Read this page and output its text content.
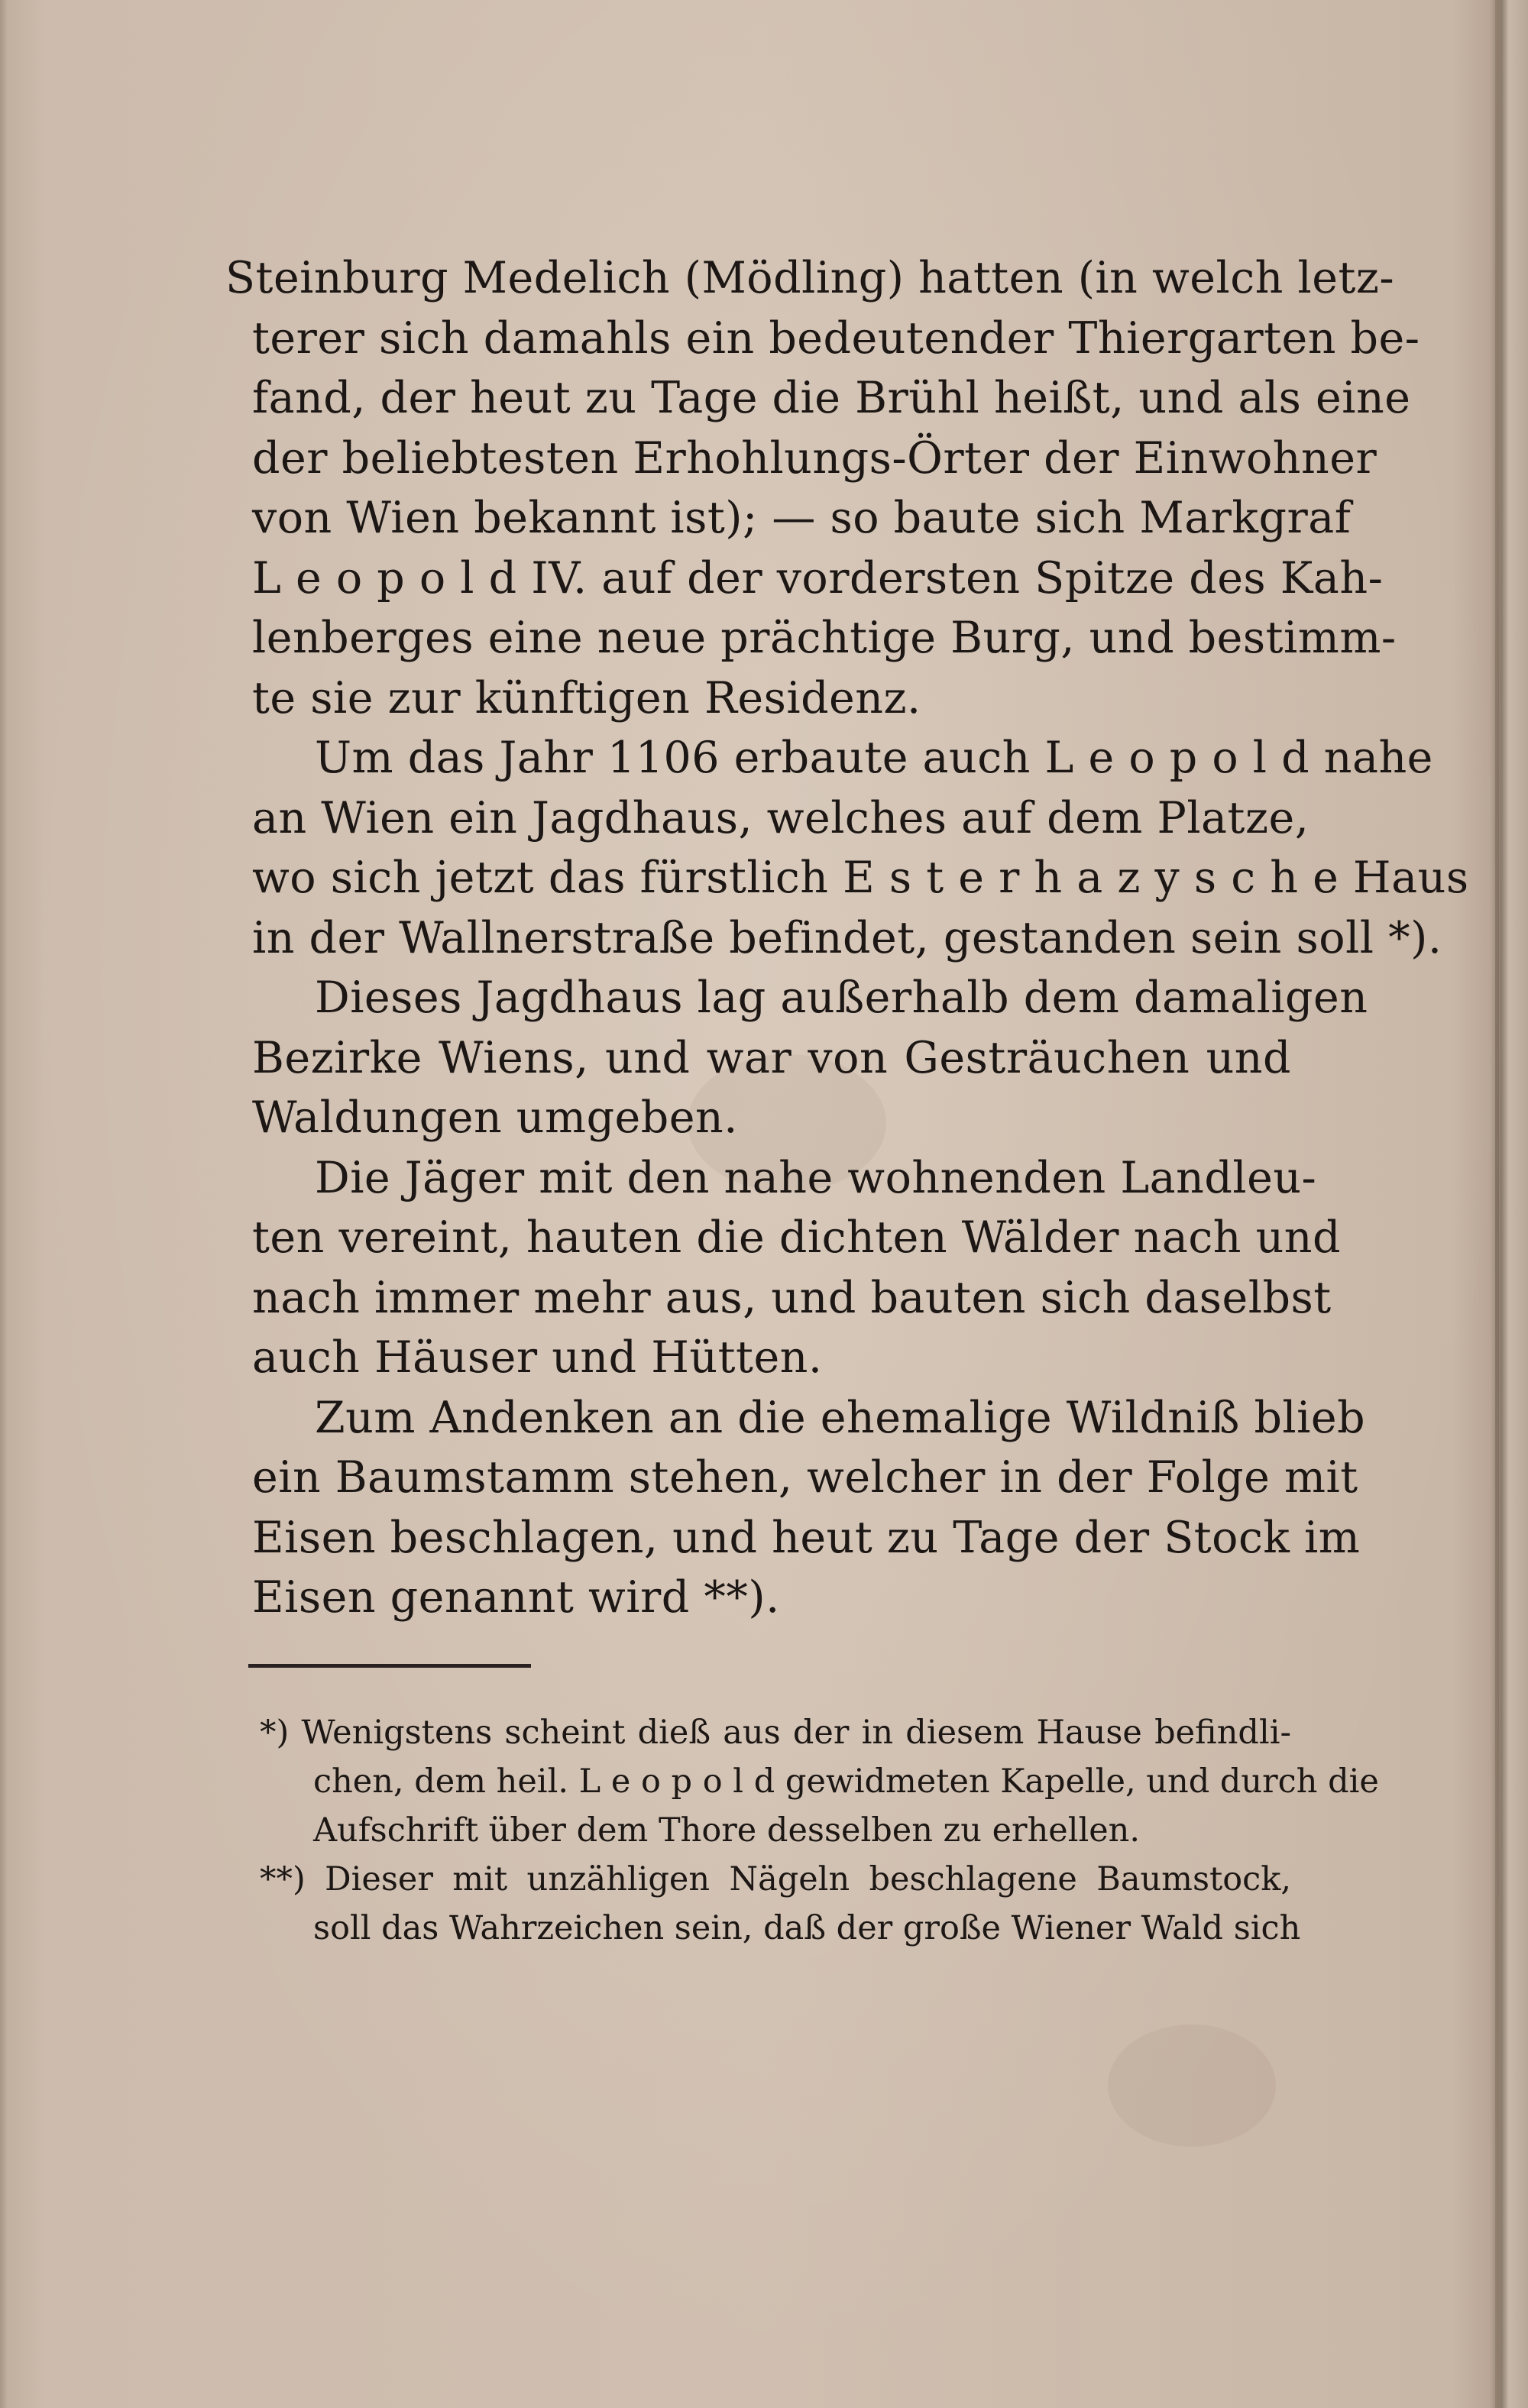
Steinburg Medelich (Mödling) hatten (in welch letz-
terer sich damahls ein bedeutender Thiergarten be-
fand, der heut zu Tage die Brühl heißt, und als eine
der beliebtesten Erhohlungs-Örter der Einwohner
von Wien bekannt ist); — so baute sich Markgraf
L e o p o l d IV. auf der vordersten Spitze des Kah-
lenberges eine neue prächtige Burg, und bestimm-
te sie zur künftigen Residenz.
Um das Jahr 1106 erbaute auch L e o p o l d nahe
an Wien ein Jagdhaus, welches auf dem Platze,
wo sich jetzt das fürstlich E s t e r h a z y s c h e Haus
in der Wallnerstraße befindet, gestanden sein soll *).
Dieses Jagdhaus lag außerhalb dem damaligen
Bezirke Wiens, und war von Gesträuchen und
Waldungen umgeben.
Die Jäger mit den nahe wohnenden Landleu-
ten vereint, hauten die dichten Wälder nach und
nach immer mehr aus, und bauten sich daselbst
auch Häuser und Hütten.
Zum Andenken an die ehemalige Wildniß blieb
ein Baumstamm stehen, welcher in der Folge mit
Eisen beschlagen, und heut zu Tage der Stock im
Eisen genannt wird **).
*) Wenigstens scheint dieß aus der in diesem Hause befindli-
chen, dem heil. L e o p o l d gewidmeten Kapelle, und durch die
Aufschrift über dem Thore desselben zu erhellen.
**) Dieser mit unzähligen Nägeln beschlagene Baumstock,
soll das Wahrzeichen sein, daß der große Wiener Wald sich
